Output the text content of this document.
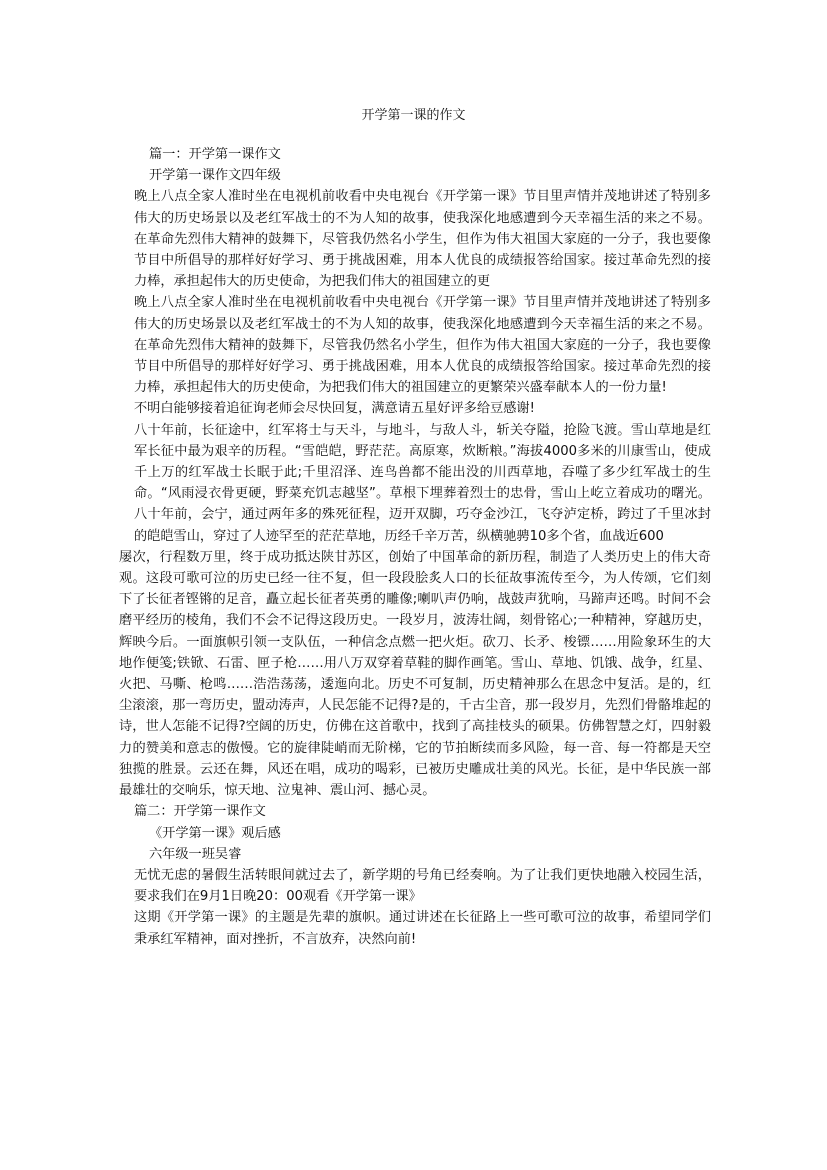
开学第一课的作文

篇一：开学第一课作文

开学第一课作文四年级

晚上八点全家人准时坐在电视机前收看中央电视台《开学第一课》节目里声情并茂地讲述了特别多伟大的历史场景以及老红军战士的不为人知的故事，使我深化地感遭到今天幸福生活的来之不易。在革命先烈伟大精神的鼓舞下，尽管我仍然名小学生，但作为伟大祖国大家庭的一分子，我也要像节目中所倡导的那样好好学习、勇于挑战困难，用本人优良的成绩报答给国家。接过革命先烈的接力棒，承担起伟大的历史使命，为把我们伟大的祖国建立的更

晚上八点全家人准时坐在电视机前收看中央电视台《开学第一课》节目里声情并茂地讲述了特别多伟大的历史场景以及老红军战士的不为人知的故事，使我深化地感遭到今天幸福生活的来之不易。在革命先烈伟大精神的鼓舞下，尽管我仍然名小学生，但作为伟大祖国大家庭的一分子，我也要像节目中所倡导的那样好好学习、勇于挑战困难，用本人优良的成绩报答给国家。接过革命先烈的接力棒，承担起伟大的历史使命，为把我们伟大的祖国建立的更繁荣兴盛奉献本人的一份力量!

不明白能够接着追征询老师会尽快回复，满意请五星好评多给豆感谢!

八十年前，长征途中，红军将士与天斗，与地斗，与敌人斗，斩关夺隘，抢险飞渡。雪山草地是红军长征中最为艰辛的历程。“雪皑皑，野茫茫。高原寒，炊断粮。”海拔4000多米的川康雪山，使成千上万的红军战士长眠于此;千里沼泽、连鸟兽都不能出没的川西草地，吞噬了多少红军战士的生命。“风雨浸衣骨更硬，野菜充饥志越坚”。草根下埋葬着烈士的忠骨，雪山上屹立着成功的曙光。八十年前，会宁，通过两年多的殊死征程，迈开双脚，巧夺金沙江，飞夺泸定桥，跨过了千里冰封的皑皑雪山，穿过了人迹罕至的茫茫草地，历经千辛万苦，纵横驰骋10多个省，血战近600

屡次，行程数万里，终于成功抵达陕甘苏区，创始了中国革命的新历程，制造了人类历史上的伟大奇观。这段可歌可泣的历史已经一往不复，但一段段脍炙人口的长征故事流传至今，为人传颂，它们刻下了长征者铿锵的足音，矗立起长征者英勇的雕像;喇叭声仍响，战鼓声犹响，马蹄声还鸣。时间不会磨平经历的棱角，我们不会不记得这段历史。一段岁月，波涛壮阔，刻骨铭心;一种精神，穿越历史，辉映今后。一面旗帜引领一支队伍，一种信念点燃一把火炬。砍刀、长矛、梭镖……用险象环生的大地作便笺;铁锨、石雷、匣子枪……用八万双穿着草鞋的脚作画笔。雪山、草地、饥饿、战争，红星、火把、马嘶、枪鸣……浩浩荡荡，逶迤向北。历史不可复制，历史精神那么在思念中复活。是的，红尘滚滚，那一弯历史，盟动涛声，人民怎能不记得?是的，千古尘音，那一段岁月，先烈们骨骼堆起的诗，世人怎能不记得?空阔的历史，仿佛在这首歌中，找到了高挂枝头的硕果。仿佛智慧之灯，四射毅力的赞美和意志的傲慢。它的旋律陡峭而无阶梯，它的节拍断续而多风险，每一音、每一符都是天空独揽的胜景。云还在舞，风还在唱，成功的喝彩，已被历史雕成壮美的风光。长征，是中华民族一部最雄壮的交响乐，惊天地、泣鬼神、震山河、撼心灵。

篇二：开学第一课作文

《开学第一课》观后感

六年级一班吴睿

无忧无虑的暑假生活转眼间就过去了，新学期的号角已经奏响。为了让我们更快地融入校园生活，要求我们在9月1日晚20：00观看《开学第一课》

这期《开学第一课》的主题是先辈的旗帜。通过讲述在长征路上一些可歌可泣的故事，希望同学们秉承红军精神，面对挫折，不言放弃，决然向前!
